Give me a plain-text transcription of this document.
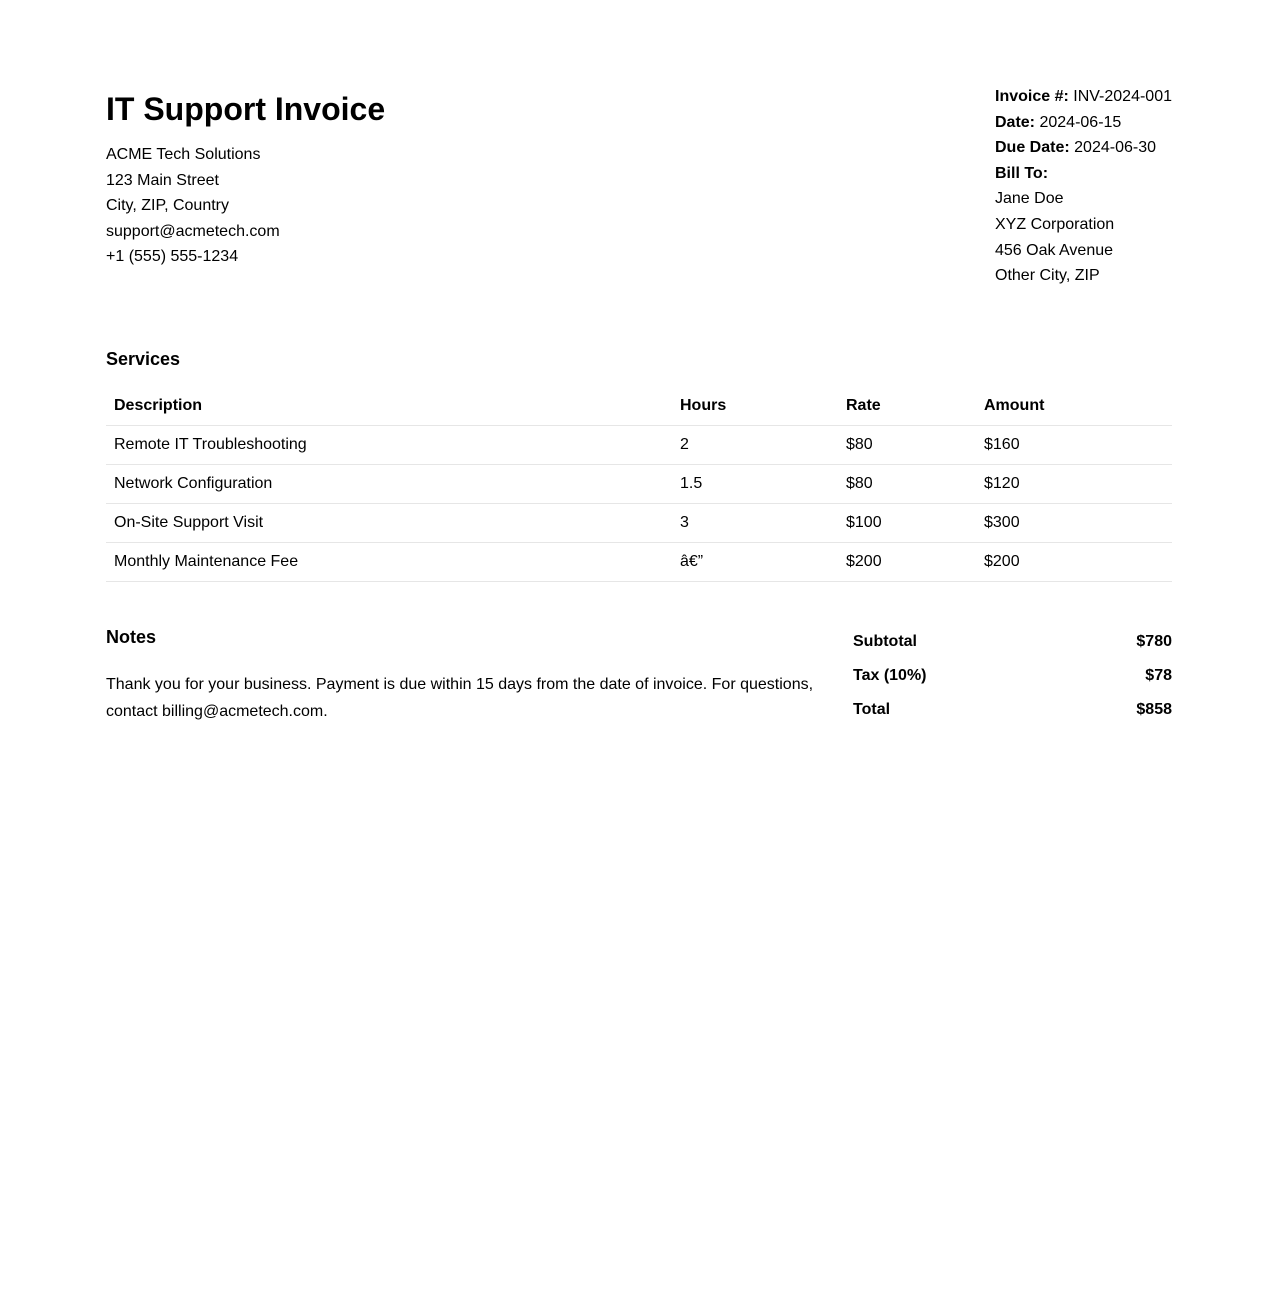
IT Support Invoice
ACME Tech Solutions
123 Main Street
City, ZIP, Country
support@acmetech.com
+1 (555) 555-1234
Invoice #: INV-2024-001
Date: 2024-06-15
Due Date: 2024-06-30
Bill To:
Jane Doe
XYZ Corporation
456 Oak Avenue
Other City, ZIP
Services
Description	Hours	Rate	Amount
Remote IT Troubleshooting	2	$80	$160
Network Configuration	1.5	$80	$120
On-Site Support Visit	3	$100	$300
Monthly Maintenance Fee	â€”	$200	$200
Notes

Thank you for your business. Payment is due within 15 days from the date of invoice. For questions, contact billing@acmetech.com.

Subtotal	$780
Tax (10%)	$78
Total	$858
